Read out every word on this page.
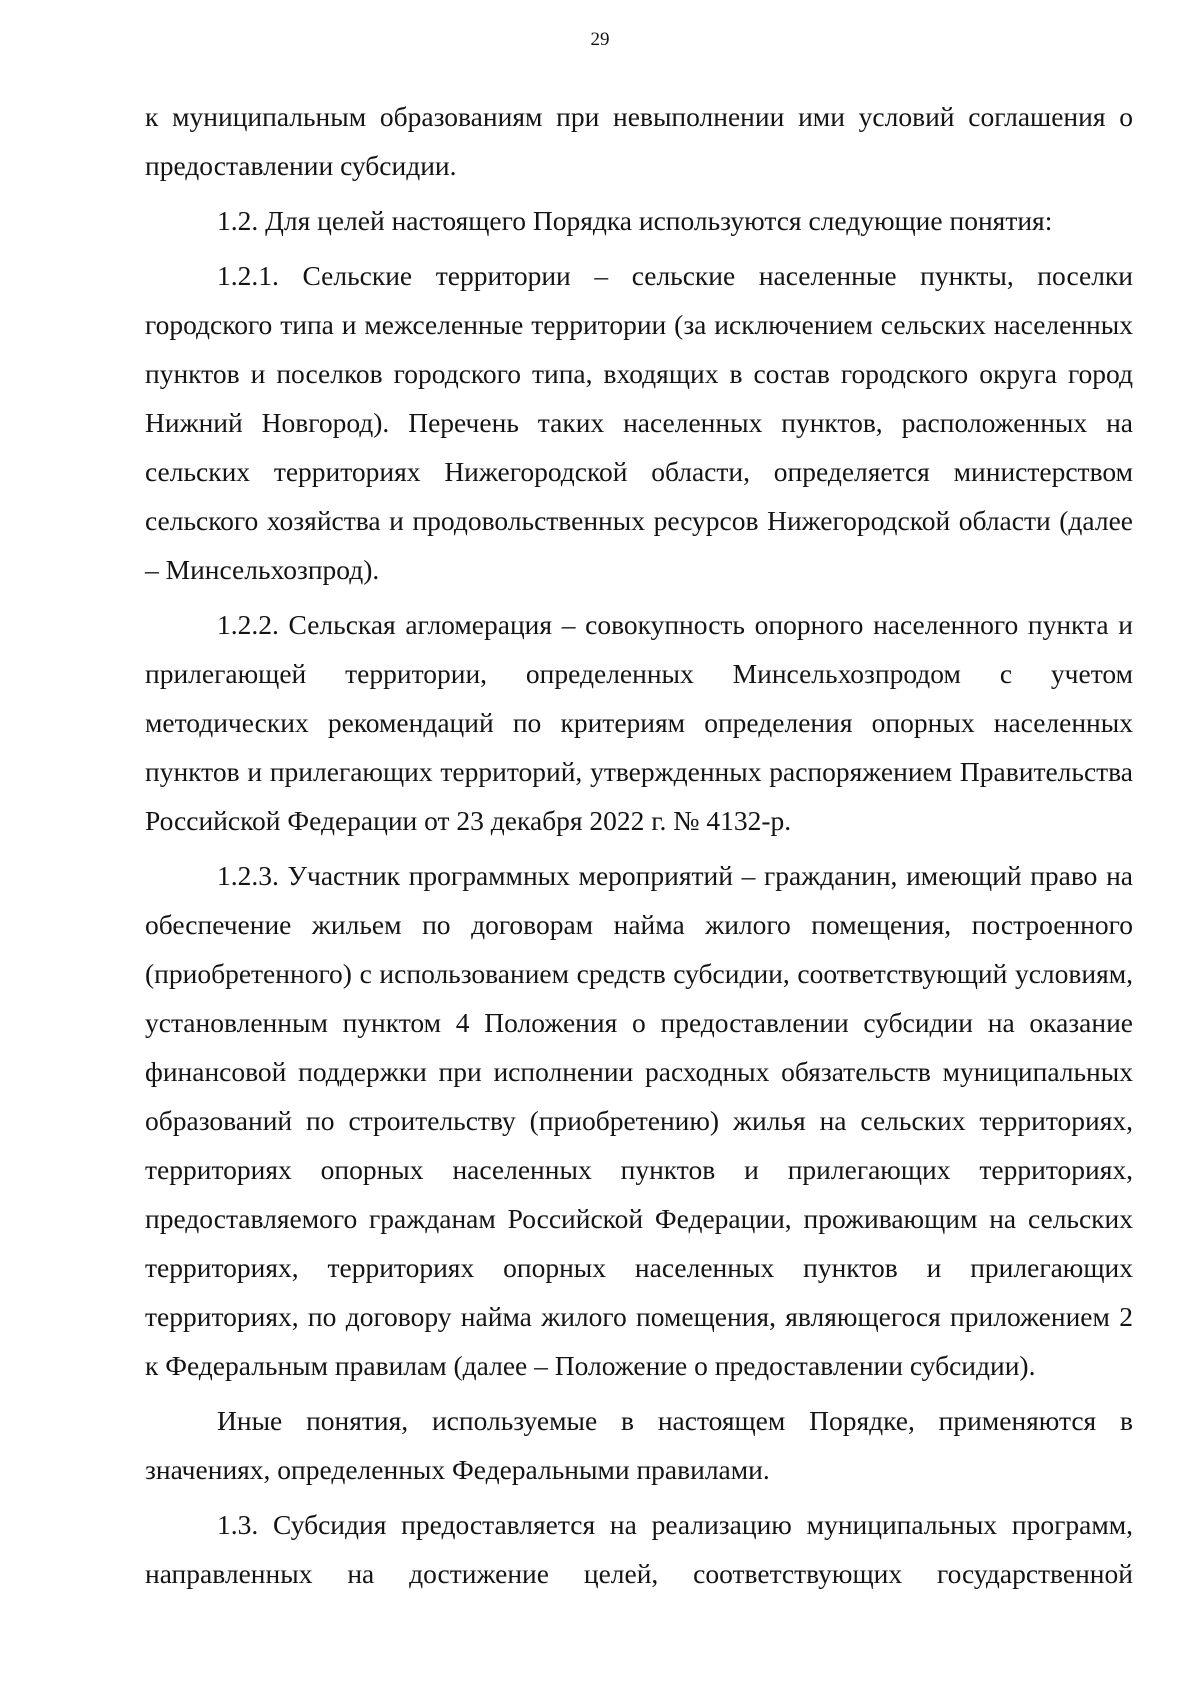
29

к муниципальным образованиям при невыполнении ими условий соглашения о предоставлении субсидии.

1.2. Для целей настоящего Порядка используются следующие понятия:

1.2.1. Сельские территории – сельские населенные пункты, поселки городского типа и межселенные территории (за исключением сельских населенных пунктов и поселков городского типа, входящих в состав городского округа город Нижний Новгород). Перечень таких населенных пунктов, расположенных на сельских территориях Нижегородской области, определяется министерством сельского хозяйства и продовольственных ресурсов Нижегородской области (далее – Минсельхозпрод).

1.2.2. Сельская агломерация – совокупность опорного населенного пункта и прилегающей территории, определенных Минсельхозпродом с учетом методических рекомендаций по критериям определения опорных населенных пунктов и прилегающих территорий, утвержденных распоряжением Правительства Российской Федерации от 23 декабря 2022 г. № 4132-р.

1.2.3. Участник программных мероприятий – гражданин, имеющий право на обеспечение жильем по договорам найма жилого помещения, построенного (приобретенного) с использованием средств субсидии, соответствующий условиям, установленным пунктом 4 Положения о предоставлении субсидии на оказание финансовой поддержки при исполнении расходных обязательств муниципальных образований по строительству (приобретению) жилья на сельских территориях, территориях опорных населенных пунктов и прилегающих территориях, предоставляемого гражданам Российской Федерации, проживающим на сельских территориях, территориях опорных населенных пунктов и прилегающих территориях, по договору найма жилого помещения, являющегося приложением 2 к Федеральным правилам (далее – Положение о предоставлении субсидии).

Иные понятия, используемые в настоящем Порядке, применяются в значениях, определенных Федеральными правилами.

1.3. Субсидия предоставляется на реализацию муниципальных программ, направленных на достижение целей, соответствующих государственной
